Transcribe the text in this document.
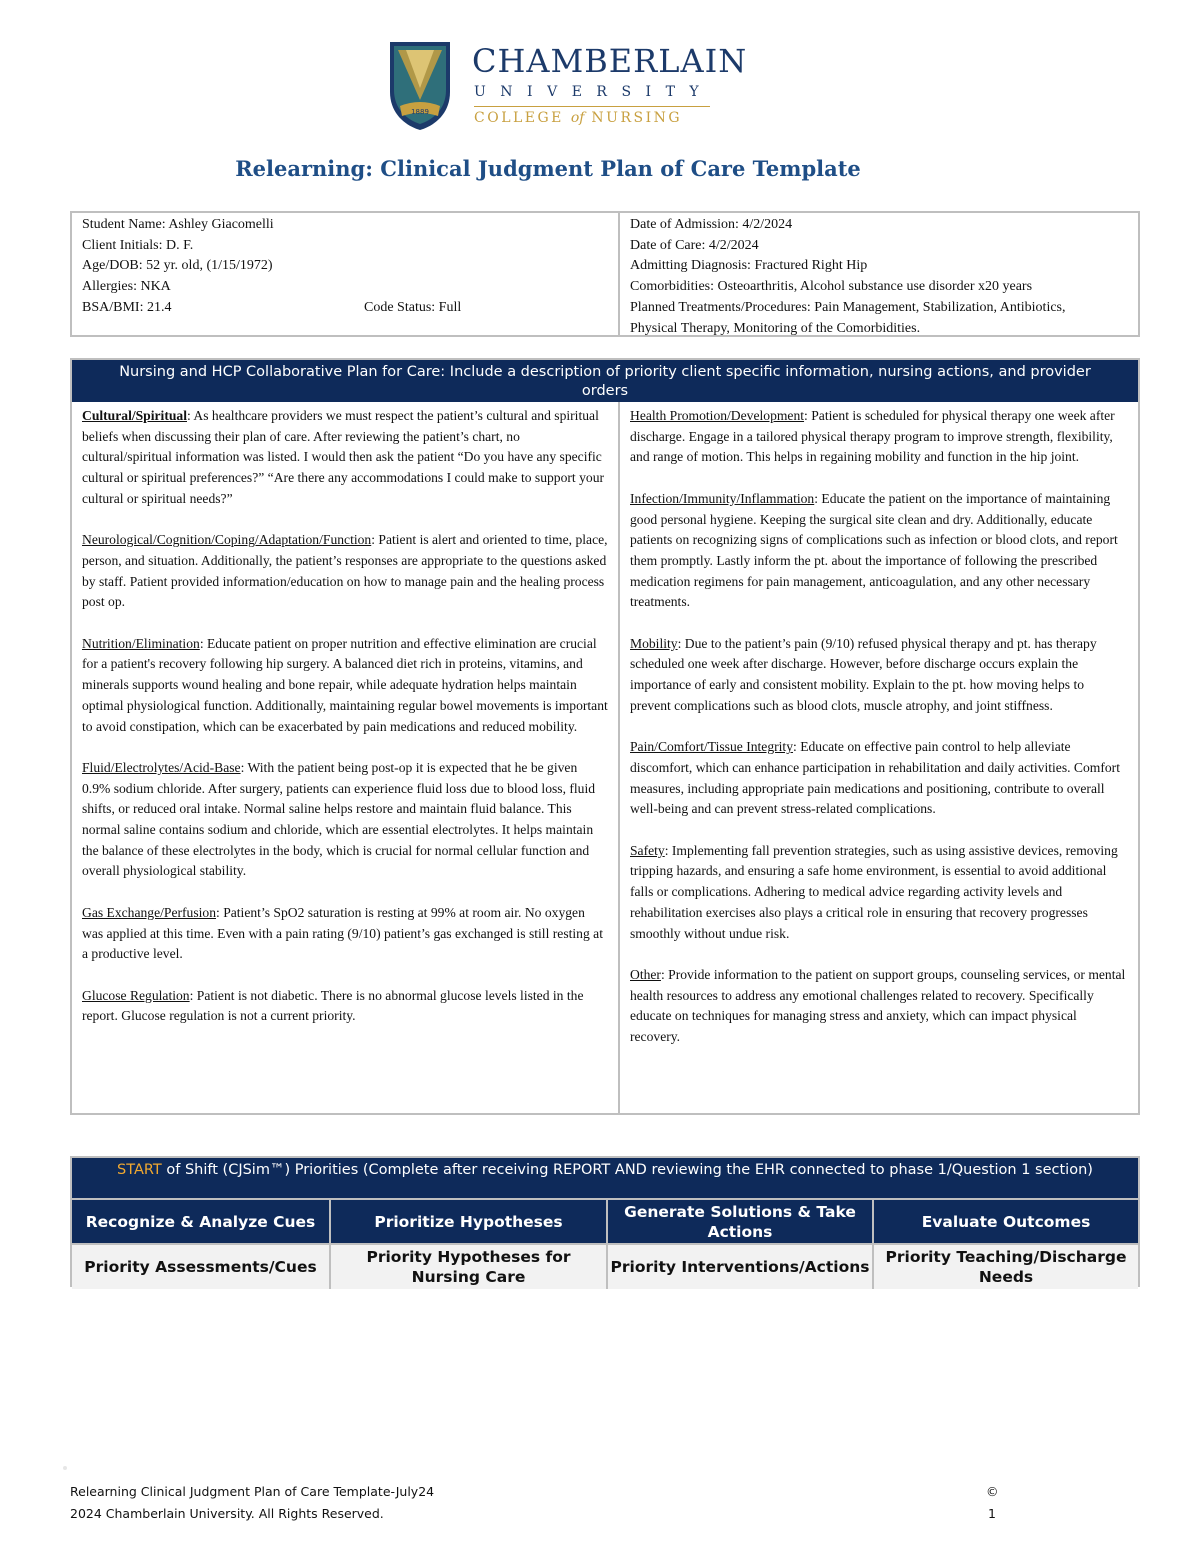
1889
CHAMBERLAIN
UNIVERSITY
COLLEGE of NURSING
Relearning: Clinical Judgment Plan of Care Template
Student Name: Ashley Giacomelli
Client Initials: D. F.
Age/DOB: 52 yr. old, (1/15/1972)
Allergies: NKA
BSA/BMI: 21.4	Code Status: Full
Date of Admission: 4/2/2024
Date of Care: 4/2/2024
Admitting Diagnosis: Fractured Right Hip
Comorbidities: Osteoarthritis, Alcohol substance use disorder x20 years
Planned Treatments/Procedures: Pain Management, Stabilization, Antibiotics,
Physical Therapy, Monitoring of the Comorbidities.
Nursing and HCP Collaborative Plan for Care: Include a description of priority client specific information, nursing actions, and provider orders

Cultural/Spiritual: As healthcare providers we must respect the patient’s cultural and spiritual beliefs when discussing their plan of care. After reviewing the patient’s chart, no cultural/spiritual information was listed. I would then ask the patient “Do you have any specific cultural or spiritual preferences?” “Are there any accommodations I could make to support your cultural or spiritual needs?”

Neurological/Cognition/Coping/Adaptation/Function: Patient is alert and oriented to time, place, person, and situation. Additionally, the patient’s responses are appropriate to the questions asked by staff. Patient provided information/education on how to manage pain and the healing process post op.

Nutrition/Elimination: Educate patient on proper nutrition and effective elimination are crucial for a patient's recovery following hip surgery. A balanced diet rich in proteins, vitamins, and minerals supports wound healing and bone repair, while adequate hydration helps maintain optimal physiological function. Additionally, maintaining regular bowel movements is important to avoid constipation, which can be exacerbated by pain medications and reduced mobility.

Fluid/Electrolytes/Acid-Base: With the patient being post-op it is expected that he be given 0.9% sodium chloride. After surgery, patients can experience fluid loss due to blood loss, fluid shifts, or reduced oral intake. Normal saline helps restore and maintain fluid balance. This normal saline contains sodium and chloride, which are essential electrolytes. It helps maintain the balance of these electrolytes in the body, which is crucial for normal cellular function and overall physiological stability.

Gas Exchange/Perfusion: Patient’s SpO2 saturation is resting at 99% at room air. No oxygen was applied at this time. Even with a pain rating (9/10) patient’s gas exchanged is still resting at a productive level.

Glucose Regulation: Patient is not diabetic. There is no abnormal glucose levels listed in the report. Glucose regulation is not a current priority.

Health Promotion/Development: Patient is scheduled for physical therapy one week after discharge. Engage in a tailored physical therapy program to improve strength, flexibility, and range of motion. This helps in regaining mobility and function in the hip joint.

Infection/Immunity/Inflammation: Educate the patient on the importance of maintaining good personal hygiene. Keeping the surgical site clean and dry. Additionally, educate patients on recognizing signs of complications such as infection or blood clots, and report them promptly. Lastly inform the pt. about the importance of following the prescribed medication regimens for pain management, anticoagulation, and any other necessary treatments.

Mobility: Due to the patient’s pain (9/10) refused physical therapy and pt. has therapy scheduled one week after discharge. However, before discharge occurs explain the importance of early and consistent mobility. Explain to the pt. how moving helps to prevent complications such as blood clots, muscle atrophy, and joint stiffness.

Pain/Comfort/Tissue Integrity: Educate on effective pain control to help alleviate discomfort, which can enhance participation in rehabilitation and daily activities. Comfort measures, including appropriate pain medications and positioning, contribute to overall well-being and can prevent stress-related complications.

Safety: Implementing fall prevention strategies, such as using assistive devices, removing tripping hazards, and ensuring a safe home environment, is essential to avoid additional falls or complications. Adhering to medical advice regarding activity levels and rehabilitation exercises also plays a critical role in ensuring that recovery progresses smoothly without undue risk.

Other: Provide information to the patient on support groups, counseling services, or mental health resources to address any emotional challenges related to recovery. Specifically educate on techniques for managing stress and anxiety, which can impact physical recovery.

START of Shift (CJSim™) Priorities (Complete after receiving REPORT AND reviewing the EHR connected to phase 1/Question 1 section)
Recognize & Analyze Cues	Prioritize Hypotheses
Generate Solutions & Take Actions
Evaluate Outcomes
Priority Assessments/Cues
Priority Hypotheses for Nursing Care
Priority Interventions/Actions
Priority Teaching/Discharge Needs
Relearning Clinical Judgment Plan of Care Template-July24
2024 Chamberlain University. All Rights Reserved.
©
1
